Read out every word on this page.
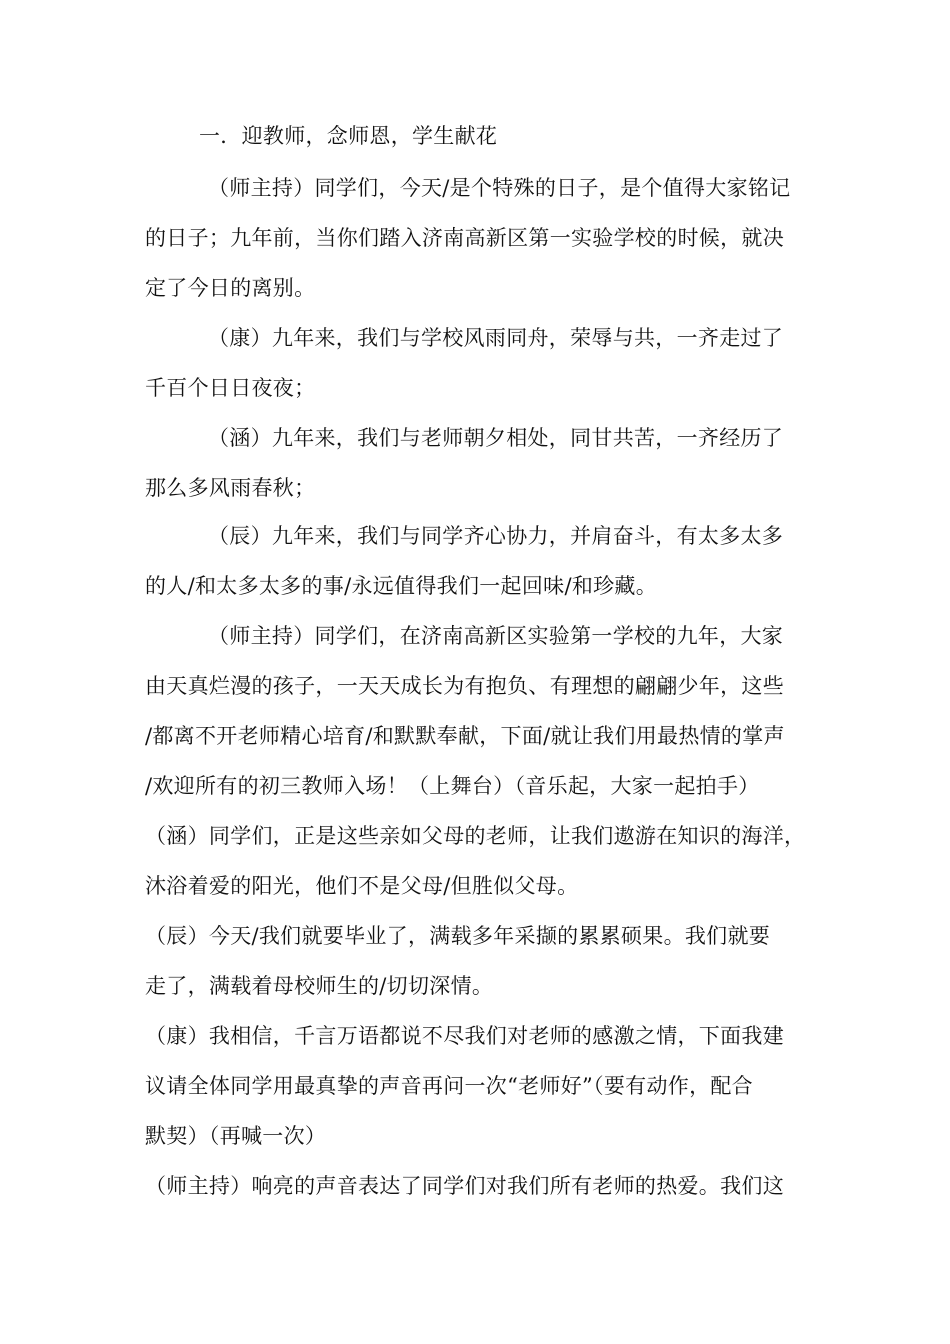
一．迎教师，念师恩，学生献花
（师主持）同学们，今天/是个特殊的日子，是个值得大家铭记
的日子；九年前，当你们踏入济南高新区第一实验学校的时候，就决
定了今日的离别。
（康）九年来，我们与学校风雨同舟，荣辱与共，一齐走过了
千百个日日夜夜；
（涵）九年来，我们与老师朝夕相处，同甘共苦，一齐经历了
那么多风雨春秋；
（辰）九年来，我们与同学齐心协力，并肩奋斗，有太多太多
的人/和太多太多的事/永远值得我们一起回味/和珍藏。
（师主持）同学们，在济南高新区实验第一学校的九年，大家
由天真烂漫的孩子，一天天成长为有抱负、有理想的翩翩少年，这些
/都离不开老师精心培育/和默默奉献，下面/就让我们用最热情的掌声
/欢迎所有的初三教师入场！（上舞台）（音乐起，大家一起拍手）
（涵）同学们，正是这些亲如父母的老师，让我们遨游在知识的海洋，
沐浴着爱的阳光，他们不是父母/但胜似父母。
（辰）今天/我们就要毕业了，满载多年采撷的累累硕果。我们就要
走了，满载着母校师生的/切切深情。
（康）我相信，千言万语都说不尽我们对老师的感激之情，下面我建
议请全体同学用最真挚的声音再问一次“老师好”（要有动作，配合
默契）（再喊一次）
（师主持）响亮的声音表达了同学们对我们所有老师的热爱。我们这
